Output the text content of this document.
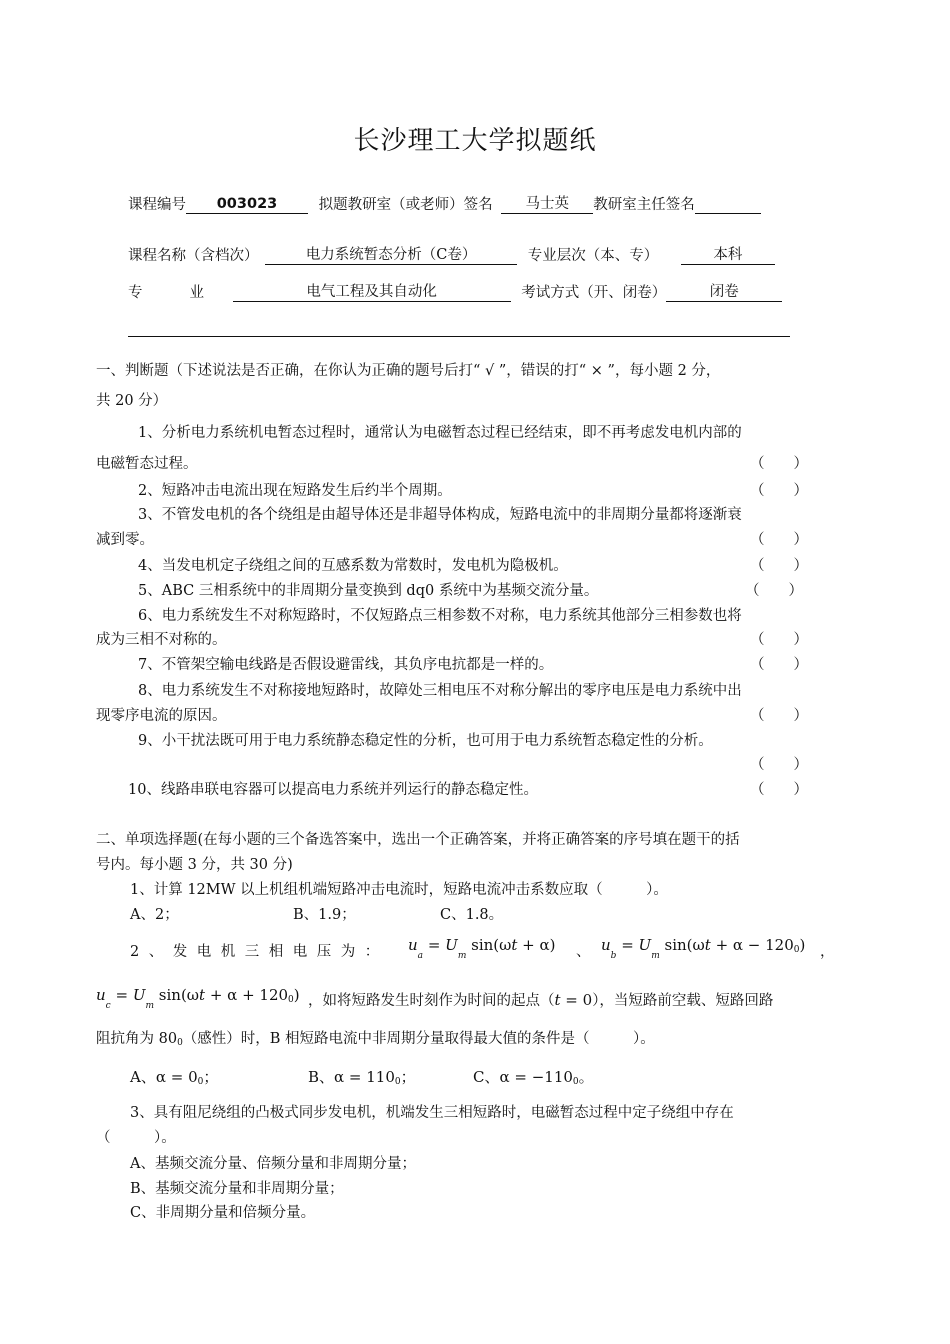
长沙理工大学拟题纸
课程编号 003023	拟题教研室（或老师）签名 马士英 教研室主任签名
课程名称（含档次）	电力系统暂态分析（C卷）	专业层次（本、专）	本科
专　　业	电气工程及其自动化	考试方式（开、闭卷）	闭卷
一、判断题（下述说法是否正确，在你认为正确的题号后打“ √ ”，错误的打“ × ”，每小题 2 分，
共 20 分）
1、分析电力系统机电暂态过程时，通常认为电磁暂态过程已经结束，即不再考虑发电机内部的
电磁暂态过程。	（　　）
2、短路冲击电流出现在短路发生后约半个周期。	（　　）
3、不管发电机的各个绕组是由超导体还是非超导体构成，短路电流中的非周期分量都将逐渐衰
减到零。	（　　）
4、当发电机定子绕组之间的互感系数为常数时，发电机为隐极机。	（　　）
5、ABC 三相系统中的非周期分量变换到 dq0 系统中为基频交流分量。	（　　）
6、电力系统发生不对称短路时，不仅短路点三相参数不对称，电力系统其他部分三相参数也将
成为三相不对称的。	（　　）
7、不管架空输电线路是否假设避雷线，其负序电抗都是一样的。	（　　）
8、电力系统发生不对称接地短路时，故障处三相电压不对称分解出的零序电压是电力系统中出
现零序电流的原因。	（　　）
9、小干扰法既可用于电力系统静态稳定性的分析，也可用于电力系统暂态稳定性的分析。
（　　）
10、线路串联电容器可以提高电力系统并列运行的静态稳定性。	（　　）
二、单项选择题(在每小题的三个备选答案中，选出一个正确答案，并将正确答案的序号填在题干的括
号内。每小题 3 分，共 30 分)
1、计算 12MW 以上机组机端短路冲击电流时，短路电流冲击系数应取（　　　）。
A、2；	B、1.9；	C、1.8。
2、发电机三相电压为： $u_a = U_m$ sin(ωt + α) 、 $u_b = U_m$ $\sin(\omega t + \alpha - 120_0)$ ，
$u_c = U_m$ $\sin(\omega t + \alpha + 120_0)$ ，如将短路发生时刻作为时间的起点（t = 0），当短路前空载、短路回路
阻抗角为 $80_0$（感性）时，B 相短路电流中非周期分量取得最大值的条件是（　　　）。
A、$\alpha = 0_0$；	B、$\alpha = 110_0$；	C、$\alpha = -110_0$。
3、具有阻尼绕组的凸极式同步发电机，机端发生三相短路时，电磁暂态过程中定子绕组中存在
（　　　）。
A、基频交流分量、倍频分量和非周期分量；
B、基频交流分量和非周期分量；
C、非周期分量和倍频分量。
